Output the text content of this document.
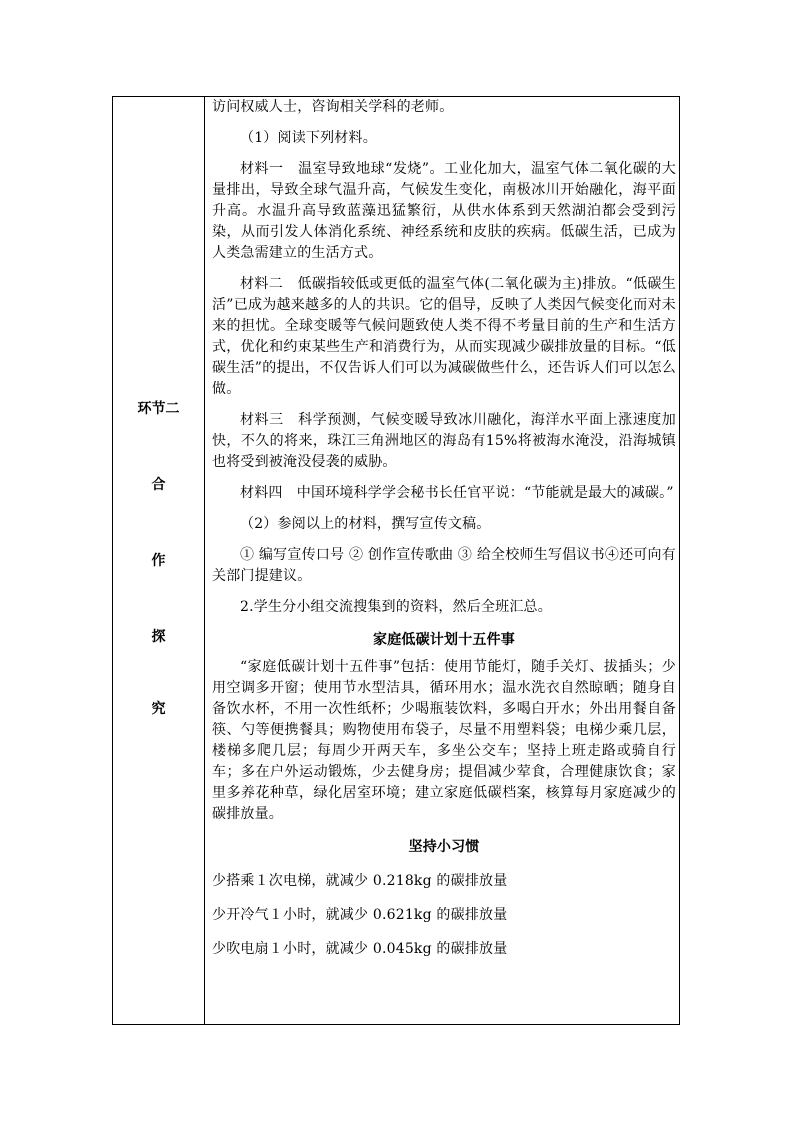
环节二
合
作
探
究

访问权威人士，咨询相关学科的老师。

（1）阅读下列材料。

材料一　温室导致地球“发烧”。工业化加大，温室气体二氧化碳的大量排出，导致全球气温升高，气候发生变化，南极冰川开始融化，海平面升高。水温升高导致蓝藻迅猛繁衍，从供水体系到天然湖泊都会受到污染，从而引发人体消化系统、神经系统和皮肤的疾病。低碳生活，已成为人类急需建立的生活方式。

材料二　低碳指较低或更低的温室气体(二氧化碳为主)排放。“低碳生活”已成为越来越多的人的共识。它的倡导，反映了人类因气候变化而对未来的担忧。全球变暖等气候问题致使人类不得不考量目前的生产和生活方式，优化和约束某些生产和消费行为，从而实现减少碳排放量的目标。“低碳生活”的提出，不仅告诉人们可以为减碳做些什么，还告诉人们可以怎么做。

材料三　科学预测，气候变暖导致冰川融化，海洋水平面上涨速度加快，不久的将来，珠江三角洲地区的海岛有15%将被海水淹没，沿海城镇也将受到被淹没侵袭的威胁。

材料四　中国环境科学学会秘书长任官平说：“节能就是最大的减碳。”

（2）参阅以上的材料，撰写宣传文稿。

① 编写宣传口号 ② 创作宣传歌曲 ③ 给全校师生写倡议书④还可向有关部门提建议。

2.学生分小组交流搜集到的资料，然后全班汇总。

家庭低碳计划十五件事

“家庭低碳计划十五件事”包括：使用节能灯，随手关灯、拔插头；少用空调多开窗；使用节水型洁具，循环用水；温水洗衣自然晾晒；随身自备饮水杯，不用一次性纸杯；少喝瓶装饮料，多喝白开水；外出用餐自备筷、勺等便携餐具；购物使用布袋子，尽量不用塑料袋；电梯少乘几层，楼梯多爬几层；每周少开两天车，多坐公交车；坚持上班走路或骑自行车；多在户外运动锻炼，少去健身房；提倡减少荤食，合理健康饮食；家里多养花种草，绿化居室环境；建立家庭低碳档案，核算每月家庭减少的碳排放量。

坚持小习惯

少搭乘１次电梯，就减少 0.218kg 的碳排放量

少开冷气１小时，就减少 0.621kg 的碳排放量

少吹电扇１小时，就减少 0.045kg 的碳排放量
